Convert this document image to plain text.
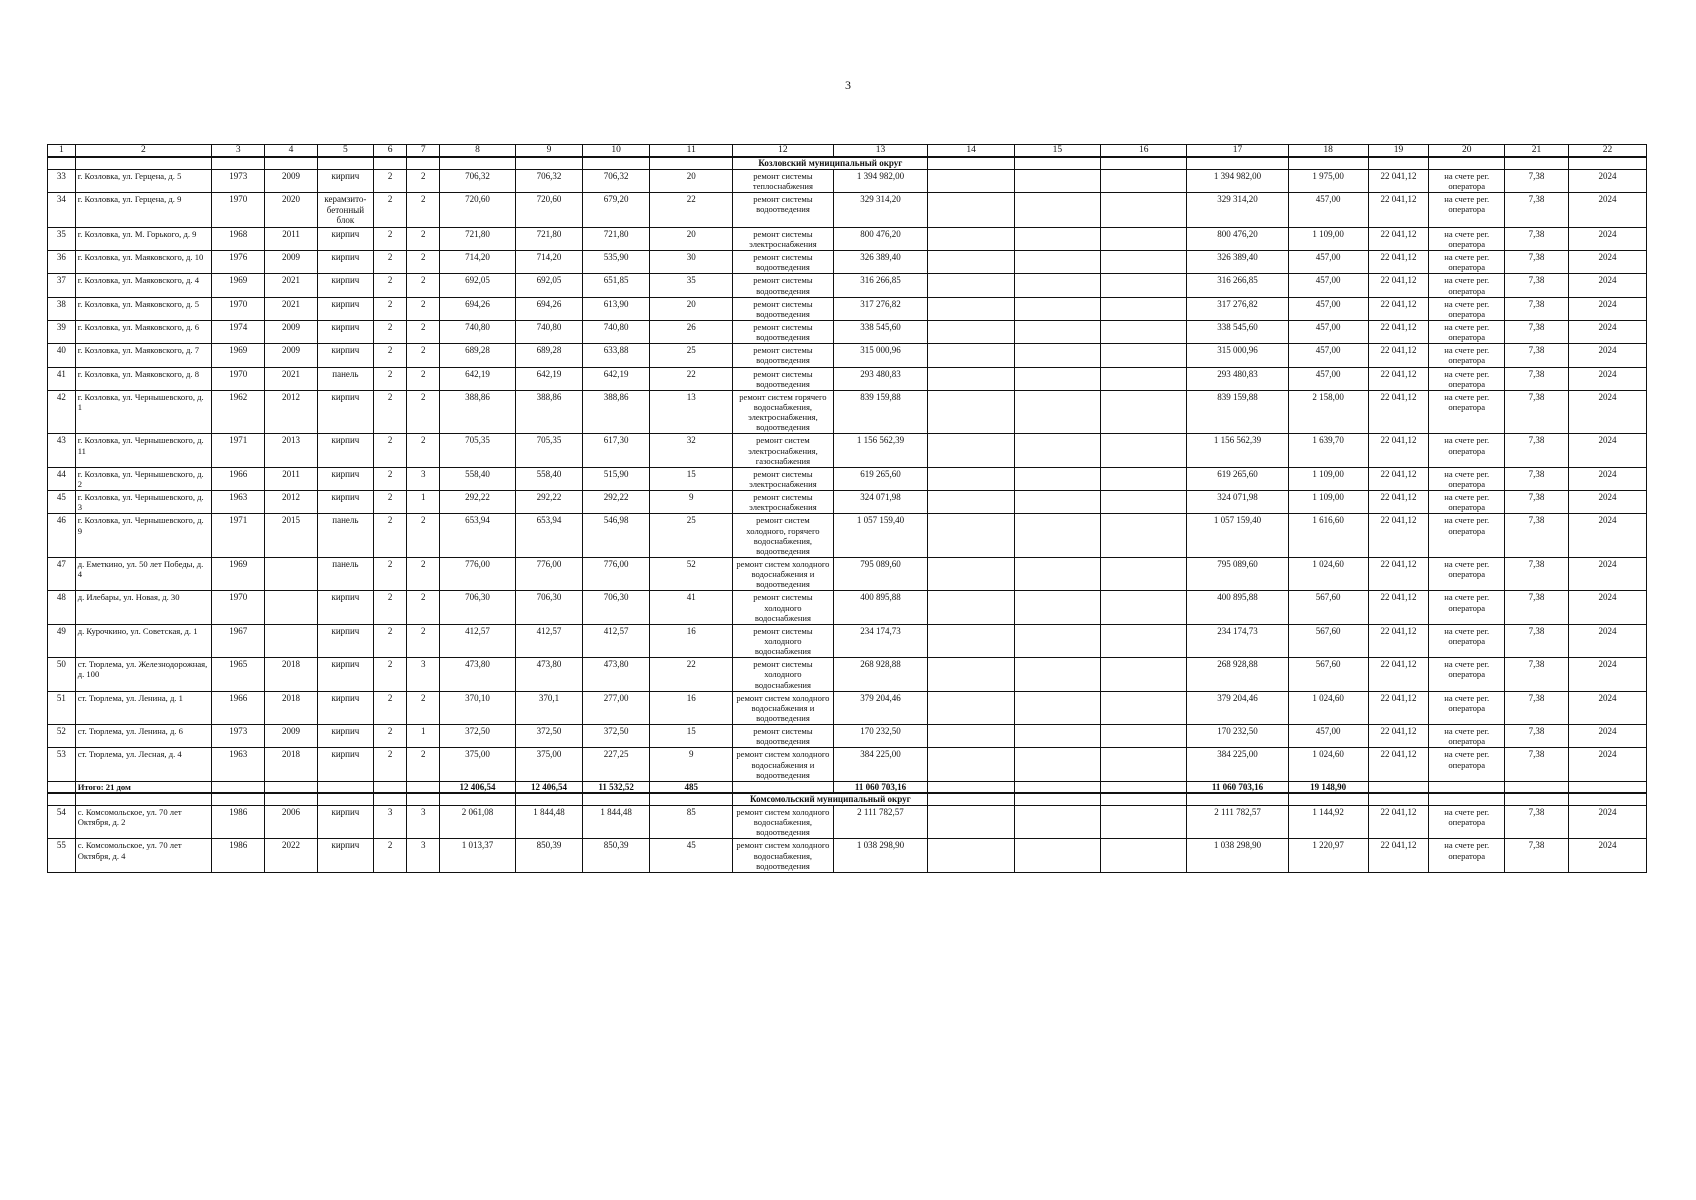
3
1	2	3	4	5	6	7	8	9	10	11	12	13	14	15	16	17	18	19	20	21	22
											Козловский муниципальный округ										
33	г. Козловка, ул. Герцена, д. 5	1973	2009	кирпич	2	2	706,32	706,32	706,32	20	ремонт системы теплоснабжения	1 394 982,00				1 394 982,00	1 975,00	22 041,12	на счете рег. оператора	7,38	2024
34	г. Козловка, ул. Герцена, д. 9	1970	2020	керамзито-бетонный блок	2	2	720,60	720,60	679,20	22	ремонт системы водоотведения	329 314,20				329 314,20	457,00	22 041,12	на счете рег. оператора	7,38	2024
35	г. Козловка, ул. М. Горького, д. 9	1968	2011	кирпич	2	2	721,80	721,80	721,80	20	ремонт системы электроснабжения	800 476,20				800 476,20	1 109,00	22 041,12	на счете рег. оператора	7,38	2024
36	г. Козловка, ул. Маяковского, д. 10	1976	2009	кирпич	2	2	714,20	714,20	535,90	30	ремонт системы водоотведения	326 389,40				326 389,40	457,00	22 041,12	на счете рег. оператора	7,38	2024
37	г. Козловка, ул. Маяковского, д. 4	1969	2021	кирпич	2	2	692,05	692,05	651,85	35	ремонт системы водоотведения	316 266,85				316 266,85	457,00	22 041,12	на счете рег. оператора	7,38	2024
38	г. Козловка, ул. Маяковского, д. 5	1970	2021	кирпич	2	2	694,26	694,26	613,90	20	ремонт системы водоотведения	317 276,82				317 276,82	457,00	22 041,12	на счете рег. оператора	7,38	2024
39	г. Козловка, ул. Маяковского, д. 6	1974	2009	кирпич	2	2	740,80	740,80	740,80	26	ремонт системы водоотведения	338 545,60				338 545,60	457,00	22 041,12	на счете рег. оператора	7,38	2024
40	г. Козловка, ул. Маяковского, д. 7	1969	2009	кирпич	2	2	689,28	689,28	633,88	25	ремонт системы водоотведения	315 000,96				315 000,96	457,00	22 041,12	на счете рег. оператора	7,38	2024
41	г. Козловка, ул. Маяковского, д. 8	1970	2021	панель	2	2	642,19	642,19	642,19	22	ремонт системы водоотведения	293 480,83				293 480,83	457,00	22 041,12	на счете рег. оператора	7,38	2024
42	г. Козловка, ул. Чернышевского, д. 1	1962	2012	кирпич	2	2	388,86	388,86	388,86	13	ремонт систем горячего водоснабжения, электроснабжения, водоотведения	839 159,88				839 159,88	2 158,00	22 041,12	на счете рег. оператора	7,38	2024
43	г. Козловка, ул. Чернышевского, д. 11	1971	2013	кирпич	2	2	705,35	705,35	617,30	32	ремонт систем электроснабжения, газоснабжения	1 156 562,39				1 156 562,39	1 639,70	22 041,12	на счете рег. оператора	7,38	2024
44	г. Козловка, ул. Чернышевского, д. 2	1966	2011	кирпич	2	3	558,40	558,40	515,90	15	ремонт системы электроснабжения	619 265,60				619 265,60	1 109,00	22 041,12	на счете рег. оператора	7,38	2024
45	г. Козловка, ул. Чернышевского, д. 3	1963	2012	кирпич	2	1	292,22	292,22	292,22	9	ремонт системы электроснабжения	324 071,98				324 071,98	1 109,00	22 041,12	на счете рег. оператора	7,38	2024
46	г. Козловка, ул. Чернышевского, д. 9	1971	2015	панель	2	2	653,94	653,94	546,98	25	ремонт систем холодного, горячего водоснабжения, водоотведения	1 057 159,40				1 057 159,40	1 616,60	22 041,12	на счете рег. оператора	7,38	2024
47	д. Еметкино, ул. 50 лет Победы, д. 4	1969		панель	2	2	776,00	776,00	776,00	52	ремонт систем холодного водоснабжения и водоотведения	795 089,60				795 089,60	1 024,60	22 041,12	на счете рег. оператора	7,38	2024
48	д. Илебары, ул. Новая, д. 30	1970		кирпич	2	2	706,30	706,30	706,30	41	ремонт системы холодного водоснабжения	400 895,88				400 895,88	567,60	22 041,12	на счете рег. оператора	7,38	2024
49	д. Курочкино, ул. Советская, д. 1	1967		кирпич	2	2	412,57	412,57	412,57	16	ремонт системы холодного водоснабжения	234 174,73				234 174,73	567,60	22 041,12	на счете рег. оператора	7,38	2024
50	ст. Тюрлема, ул. Железнодорожная, д. 100	1965	2018	кирпич	2	3	473,80	473,80	473,80	22	ремонт системы холодного водоснабжения	268 928,88				268 928,88	567,60	22 041,12	на счете рег. оператора	7,38	2024
51	ст. Тюрлема, ул. Ленина, д. 1	1966	2018	кирпич	2	2	370,10	370,1	277,00	16	ремонт систем холодного водоснабжения и водоотведения	379 204,46				379 204,46	1 024,60	22 041,12	на счете рег. оператора	7,38	2024
52	ст. Тюрлема, ул. Ленина, д. 6	1973	2009	кирпич	2	1	372,50	372,50	372,50	15	ремонт системы водоотведения	170 232,50				170 232,50	457,00	22 041,12	на счете рег. оператора	7,38	2024
53	ст. Тюрлема, ул. Лесная, д. 4	1963	2018	кирпич	2	2	375,00	375,00	227,25	9	ремонт систем холодного водоснабжения и водоотведения	384 225,00				384 225,00	1 024,60	22 041,12	на счете рег. оператора	7,38	2024
	Итого: 21 дом						12 406,54	12 406,54	11 532,52	485		11 060 703,16				11 060 703,16	19 148,90				
											Комсомольский муниципальный округ										
54	с. Комсомольское, ул. 70 лет Октября, д. 2	1986	2006	кирпич	3	3	2 061,08	1 844,48	1 844,48	85	ремонт систем холодного водоснабжения, водоотведения	2 111 782,57				2 111 782,57	1 144,92	22 041,12	на счете рег. оператора	7,38	2024
55	с. Комсомольское, ул. 70 лет Октября, д. 4	1986	2022	кирпич	2	3	1 013,37	850,39	850,39	45	ремонт систем холодного водоснабжения, водоотведения	1 038 298,90				1 038 298,90	1 220,97	22 041,12	на счете рег. оператора	7,38	2024
